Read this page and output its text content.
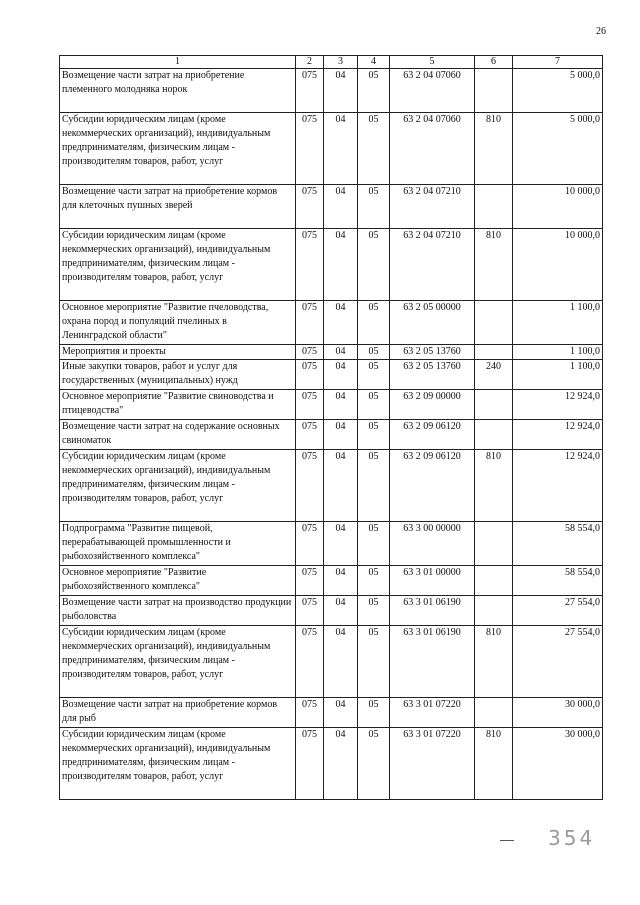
26
1	2	3	4	5	6	7
Возмещение части затрат на приобретение племенного молодняка норок	075	04	05	63 2 04 07060		5 000,0
Субсидии юридическим лицам (кроме некоммерческих организаций), индивидуальным предпринимателям, физическим лицам - производителям товаров, работ, услуг	075	04	05	63 2 04 07060	810	5 000,0
Возмещение части затрат на приобретение кормов для клеточных пушных зверей	075	04	05	63 2 04 07210		10 000,0
Субсидии юридическим лицам (кроме некоммерческих организаций), индивидуальным предпринимателям, физическим лицам - производителям товаров, работ, услуг	075	04	05	63 2 04 07210	810	10 000,0
Основное мероприятие "Развитие пчеловодства, охрана пород и популяций пчелиных в Ленинградской области"	075	04	05	63 2 05 00000		1 100,0
Мероприятия и проекты	075	04	05	63 2 05 13760		1 100,0
Иные закупки товаров, работ и услуг для государственных (муниципальных) нужд	075	04	05	63 2 05 13760	240	1 100,0
Основное мероприятие "Развитие свиноводства и птицеводства"	075	04	05	63 2 09 00000		12 924,0
Возмещение части затрат на содержание основных свиноматок	075	04	05	63 2 09 06120		12 924,0
Субсидии юридическим лицам (кроме некоммерческих организаций), индивидуальным предпринимателям, физическим лицам - производителям товаров, работ, услуг	075	04	05	63 2 09 06120	810	12 924,0
Подпрограмма "Развитие пищевой, перерабатывающей промышленности и рыбохозяйственного комплекса"	075	04	05	63 3 00 00000		58 554,0
Основное мероприятие "Развитие рыбохозяйственного комплекса"	075	04	05	63 3 01 00000		58 554,0
Возмещение части затрат на производство продукции рыболовства	075	04	05	63 3 01 06190		27 554,0
Субсидии юридическим лицам (кроме некоммерческих организаций), индивидуальным предпринимателям, физическим лицам - производителям товаров, работ, услуг	075	04	05	63 3 01 06190	810	27 554,0
Возмещение части затрат на приобретение кормов для рыб	075	04	05	63 3 01 07220		30 000,0
Субсидии юридическим лицам (кроме некоммерческих организаций), индивидуальным предпринимателям, физическим лицам - производителям товаров, работ, услуг	075	04	05	63 3 01 07220	810	30 000,0
354
